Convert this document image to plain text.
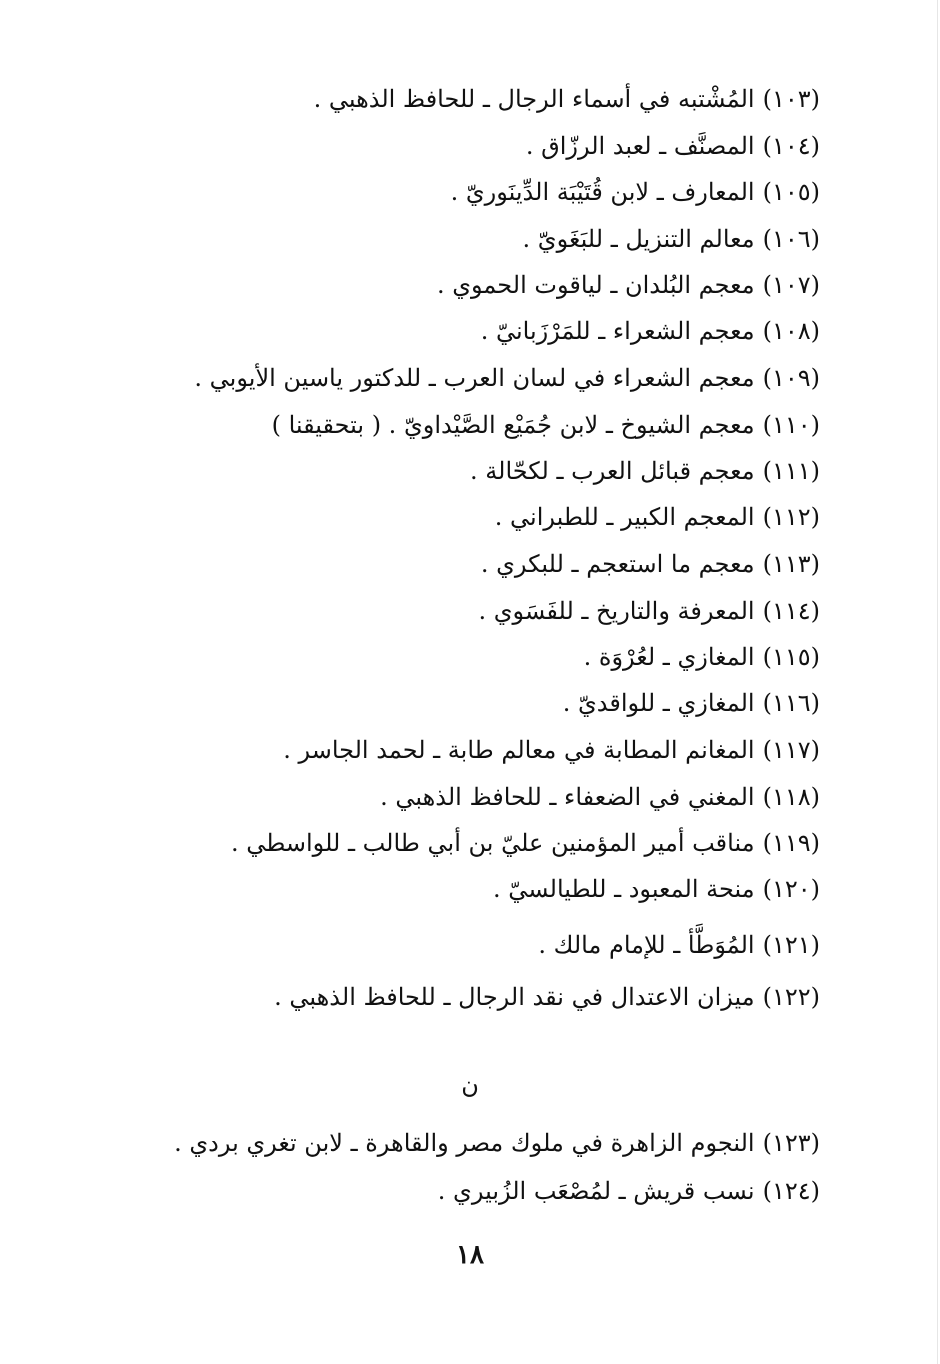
(١٠٣)المُشْتبه في أسماء الرجال ـ للحافظ الذهبي .
(١٠٤)المصنَّف ـ لعبد الرزّاق .
(١٠٥)المعارف ـ لابن قُتَيْبَة الدِّينَوريّ .
(١٠٦)معالم التنزيل ـ للبَغَويّ .
(١٠٧)معجم البُلدان ـ لياقوت الحموي .
(١٠٨)معجم الشعراء ـ للمَرْزَبانيّ .
(١٠٩)معجم الشعراء في لسان العرب ـ للدكتور ياسين الأيوبي .
(١١٠)معجم الشيوخ ـ لابن جُمَيْع الصَّيْداويّ . ( بتحقيقنا )
(١١١)معجم قبائل العرب ـ لكحّالة .
(١١٢)المعجم الكبير ـ للطبراني .
(١١٣)معجم ما استعجم ـ للبكري .
(١١٤)المعرفة والتاريخ ـ للفَسَوي .
(١١٥)المغازي ـ لعُرْوَة .
(١١٦)المغازي ـ للواقديّ .
(١١٧)المغانم المطابة في معالم طابة ـ لحمد الجاسر .
(١١٨)المغني في الضعفاء ـ للحافظ الذهبي .
(١١٩)مناقب أمير المؤمنين عليّ بن أبي طالب ـ للواسطي .
(١٢٠)منحة المعبود ـ للطيالسيّ .
(١٢١)المُوَطَّأ ـ للإمام مالك .
(١٢٢)ميزان الاعتدال في نقد الرجال ـ للحافظ الذهبي .
ن
(١٢٣)النجوم الزاهرة في ملوك مصر والقاهرة ـ لابن تغري بردي .
(١٢٤)نسب قريش ـ لمُصْعَب الزُبيري .
١٨
